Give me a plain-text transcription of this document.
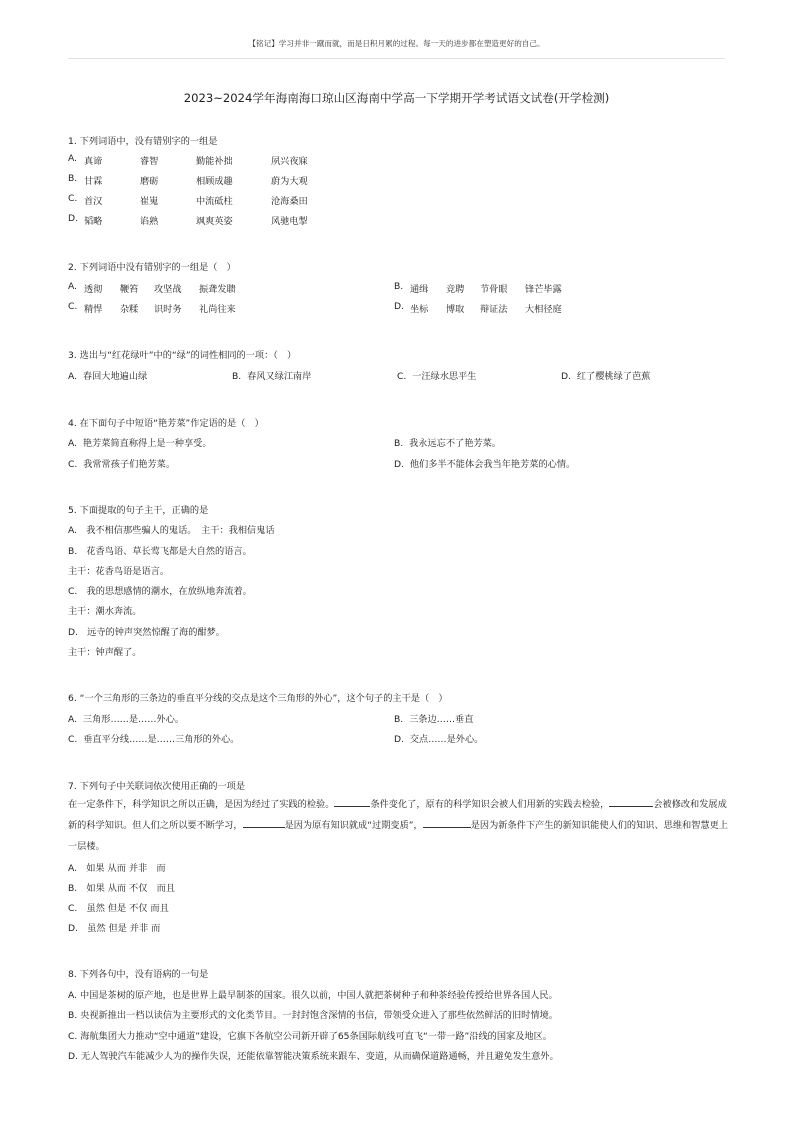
【铭记】学习并非一蹴而就，而是日积月累的过程。每一天的进步都在塑造更好的自己。
2023~2024学年海南海口琼山区海南中学高一下学期开学考试语文试卷(开学检测)
1. 下列词语中，没有错别字的一组是
A. 真谛	睿智	勤能补拙	夙兴夜寐
B. 甘霖	磨砺	相顾成趣	蔚为大观
C. 首汉	崔嵬	中流砥柱	沧海桑田
D. 韬略	谄熟	飒爽英姿	风驰电掣
2. 下列词语中没有错别字的一组是（　）
A. 透彻 鞭笞 攻坚战 振聋发聩	B. 通缉 竞聘 节骨眼 锋芒毕露
C. 精悍 杂糅 识时务 礼尚往来	D. 坐标 博取 辩证法 大相径庭
3. 选出与“红花绿叶”中的“绿”的词性相同的一项：（　）
A. 春回大地遍山绿	B. 春风又绿江南岸	C. 一汪绿水思平生	D. 红了樱桃绿了芭蕉
4. 在下面句子中短语“艳芳菜”作定语的是（　）
A. 艳芳菜简直称得上是一种享受。	B. 我永远忘不了艳芳菜。
C. 我常常孩子们艳芳菜。	D. 他们多半不能体会我当年艳芳菜的心情。
5. 下面提取的句子主干，正确的是
A.　我不相信那些骗人的鬼话。　主干：我相信鬼话
B.　花香鸟语、草长莺飞都是大自然的语言。
主干：花香鸟语是语言。
C.　我的思想感情的潮水，在放纵地奔流着。
主干：潮水奔流。
D.　远寺的钟声突然惊醒了海的酣梦。
主干：钟声醒了。
6. “一个三角形的三条边的垂直平分线的交点是这个三角形的外心”，这个句子的主干是（　）
A. 三角形……是……外心。	B. 三条边……垂直
C. 垂直平分线……是……三角形的外心。	D. 交点……是外心。
7. 下列句子中关联词依次使用正确的一项是
在一定条件下，科学知识之所以正确，是因为经过了实践的检验。	条件变化了，原有的科学知识会被人们用新的实践去检验，	会被修改和发展成新的科学知识。但人们之所以要不断学习，	是因为原有知识就成“过期变质”，	是因为新条件下产生的新知识能使人们的知识、思维和智慧更上一层楼。
A.　如果 从而 并非　而
B.　如果 从而 不仅　而且
C.　虽然 但是 不仅 而且
D.　虽然 但是 并非 而
8. 下列各句中，没有语病的一句是
A. 中国是茶树的原产地，也是世界上最早制茶的国家。很久以前，中国人就把茶树种子和种茶经验传授给世界各国人民。
B. 央视新推出一档以读信为主要形式的文化类节目。一封封饱含深情的书信，带领受众进入了那些依然鲜活的旧时情境。
C. 海航集团大力推动“空中通道”建设，它旗下各航空公司新开辟了65条国际航线可直飞“一带一路”沿线的国家及地区。
D. 无人驾驶汽车能减少人为的操作失误，还能依靠智能决策系统来跟车、变道，从而确保道路通畅，并且避免发生意外。
